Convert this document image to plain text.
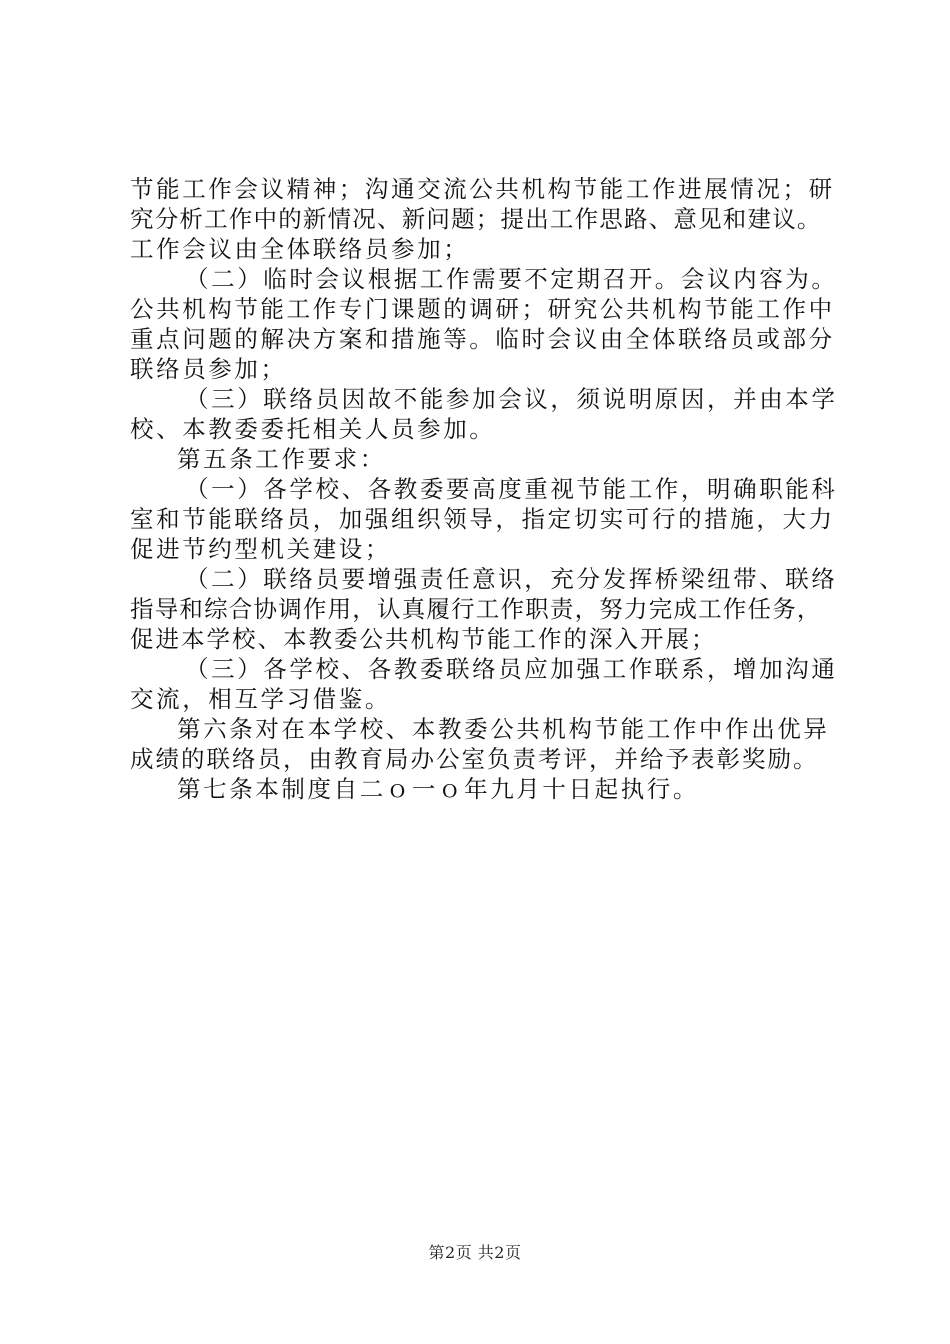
节能工作会议精神；沟通交流公共机构节能工作进展情况；研
究分析工作中的新情况、新问题；提出工作思路、意见和建议。
工作会议由全体联络员参加；
（二）临时会议根据工作需要不定期召开。会议内容为。
公共机构节能工作专门课题的调研；研究公共机构节能工作中
重点问题的解决方案和措施等。临时会议由全体联络员或部分
联络员参加；
（三）联络员因故不能参加会议，须说明原因，并由本学
校、本教委委托相关人员参加。
第五条工作要求：
（一）各学校、各教委要高度重视节能工作，明确职能科
室和节能联络员，加强组织领导，指定切实可行的措施，大力
促进节约型机关建设；
（二）联络员要增强责任意识，充分发挥桥梁纽带、联络
指导和综合协调作用，认真履行工作职责，努力完成工作任务，
促进本学校、本教委公共机构节能工作的深入开展；
（三）各学校、各教委联络员应加强工作联系，增加沟通
交流，相互学习借鉴。
第六条对在本学校、本教委公共机构节能工作中作出优异
成绩的联络员，由教育局办公室负责考评，并给予表彰奖励。
第七条本制度自二ｏ一ｏ年九月十日起执行。
第2页 共2页
